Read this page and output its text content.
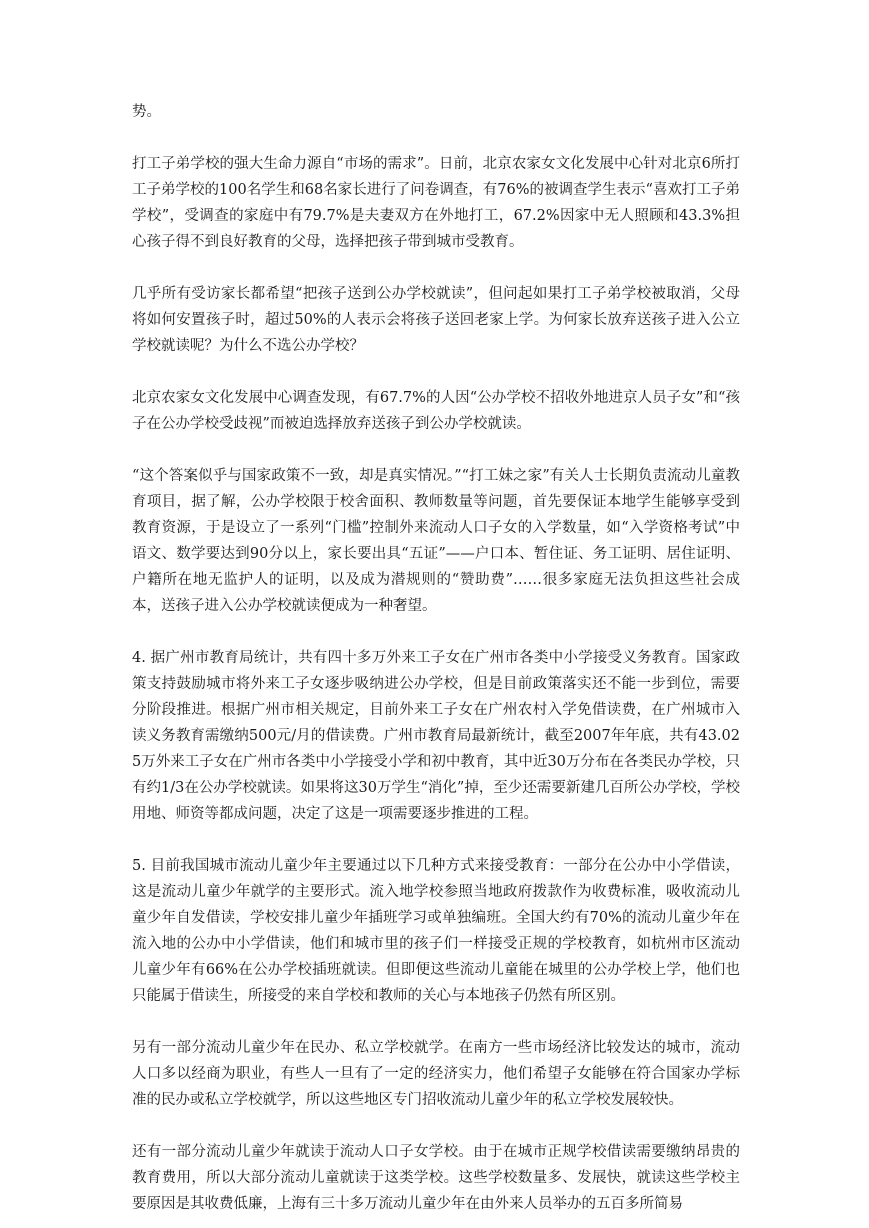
势。

打工子弟学校的强大生命力源自“市场的需求”。日前，北京农家女文化发展中心针对北京6所打工子弟学校的100名学生和68名家长进行了问卷调查，有76%的被调查学生表示“喜欢打工子弟学校”，受调查的家庭中有79.7%是夫妻双方在外地打工，67.2%因家中无人照顾和43.3%担心孩子得不到良好教育的父母，选择把孩子带到城市受教育。

几乎所有受访家长都希望“把孩子送到公办学校就读”，但问起如果打工子弟学校被取消，父母将如何安置孩子时，超过50%的人表示会将孩子送回老家上学。为何家长放弃送孩子进入公立学校就读呢？为什么不选公办学校？

北京农家女文化发展中心调查发现，有67.7%的人因“公办学校不招收外地进京人员子女”和“孩子在公办学校受歧视”而被迫选择放弃送孩子到公办学校就读。

“这个答案似乎与国家政策不一致，却是真实情况。”“打工妹之家”有关人士长期负责流动儿童教育项目，据了解，公办学校限于校舍面积、教师数量等问题，首先要保证本地学生能够享受到教育资源，于是设立了一系列“门槛”控制外来流动人口子女的入学数量，如“入学资格考试”中语文、数学要达到90分以上，家长要出具“五证”——户口本、暂住证、务工证明、居住证明、户籍所在地无监护人的证明，以及成为潜规则的“赞助费”……很多家庭无法负担这些社会成本，送孩子进入公办学校就读便成为一种奢望。

4. 据广州市教育局统计，共有四十多万外来工子女在广州市各类中小学接受义务教育。国家政策支持鼓励城市将外来工子女逐步吸纳进公办学校，但是目前政策落实还不能一步到位，需要分阶段推进。根据广州市相关规定，目前外来工子女在广州农村入学免借读费，在广州城市入读义务教育需缴纳500元/月的借读费。广州市教育局最新统计，截至2007年年底，共有43.025万外来工子女在广州市各类中小学接受小学和初中教育，其中近30万分布在各类民办学校，只有约1/3在公办学校就读。如果将这30万学生“消化”掉，至少还需要新建几百所公办学校，学校用地、师资等都成问题，决定了这是一项需要逐步推进的工程。

5. 目前我国城市流动儿童少年主要通过以下几种方式来接受教育：一部分在公办中小学借读，这是流动儿童少年就学的主要形式。流入地学校参照当地政府拨款作为收费标准，吸收流动儿童少年自发借读，学校安排儿童少年插班学习或单独编班。全国大约有70%的流动儿童少年在流入地的公办中小学借读，他们和城市里的孩子们一样接受正规的学校教育，如杭州市区流动儿童少年有66%在公办学校插班就读。但即便这些流动儿童能在城里的公办学校上学，他们也只能属于借读生，所接受的来自学校和教师的关心与本地孩子仍然有所区别。

另有一部分流动儿童少年在民办、私立学校就学。在南方一些市场经济比较发达的城市，流动人口多以经商为职业，有些人一旦有了一定的经济实力，他们希望子女能够在符合国家办学标准的民办或私立学校就学，所以这些地区专门招收流动儿童少年的私立学校发展较快。

还有一部分流动儿童少年就读于流动人口子女学校。由于在城市正规学校借读需要缴纳昂贵的教育费用，所以大部分流动儿童就读于这类学校。这些学校数量多、发展快，就读这些学校主要原因是其收费低廉，上海有三十多万流动儿童少年在由外来人员举办的五百多所简易
